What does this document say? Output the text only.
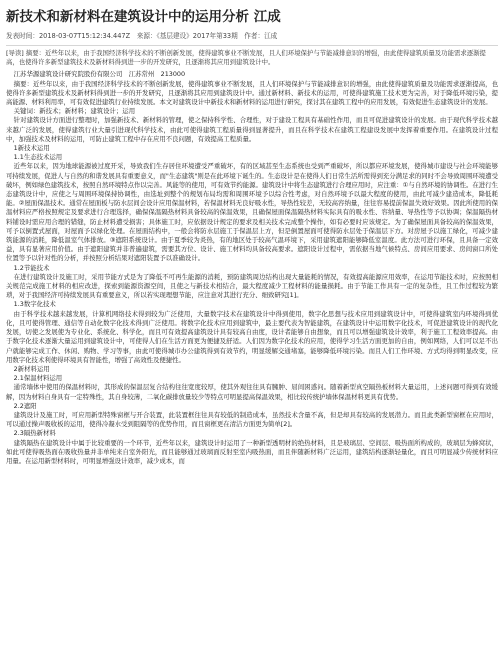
新技术和新材料在建筑设计中的运用分析 江成
发表时间：2018-03-07T15:12:34.447Z　来源：《基层建设》2017年第33期　作者：江成
[导读] 摘要：近些年以来，由于我国经济科学技术的不断创新发展，使得建筑事业不断发展，且人们环境保护与节能减排意识的增强，由此使得建筑质量及功能需求逐渐提高，也使得许多新型建筑技术及新材料得到进一步的开发研究，且逐渐将其应用到建筑设计中。
江苏华源建筑设计研究院股份有限公司　江苏常州　213000

摘要：近些年以来，由于我国经济科学技术的不断创新发展，使得建筑事业不断发展，且人们环境保护与节能减排意识的增强，由此使得建筑质量及功能需求逐渐提高，也使得许多新型建筑技术及新材料得到进一步的开发研究，且逐渐将其应用到建筑设计中。通过新材料、新技术的运用，可使得建筑施工技术更为完善，对于降低环境污染，提高能源、材料利用率，可有效促进建筑行业持续发展。本文对建筑设计中新技术和新材料的运用进行研究，探讨其在建筑工程中的应用发展，有效促进生态建筑设计的发展。

关键词：新技术；新材料；建筑设计；运用

针对建筑设计方面进行整理时，加强新技术、新材料的管理，使之保持科学性、合理性，对于建设工程具有基础性作用，而且可促进建筑设计的发展。由于现代科学技术越来越广泛的发展，使得建筑行业大量引进现代科学技术，由此可使得建筑工程质量得到显著提升，而且在科学技术在建筑工程建设发展中发挥着重要作用。在建筑设计过程中，加强技术及材料的运用，可防止建筑工程中存在应用不良问题，有效提高工程质量。

1新技术运用
1.1生态技术运用

近些年以来，因为地球能源被过度开采，导致我们生存居住环境遭受严重破坏，有的区域甚至生态系统也受到严重破坏，所以都应环境发展，使得城市建设与社会环境能够可持续发展，促进人与自然的和谐发展具有重要意义，而"生态建筑"则是在此环境下诞生的。生态设计是在使得人们日常生活所需得到充分满足求的同时不会导致周围环境遭受破坏，例如绿色建筑技术，按照自然环境特点作以完善。风能等的使用，可有效节约能源。建筑设计中将生态建筑进行合理应用时，应注重：①与自然环境的协调性。在进行生态建筑设计中，应使之与周围环境保持协调性，由选址到整个的规划布局均需和周围环境予以综合性考虑，对自然环境予以最大程度的使用，由此可减少建造成本，降低耗能。②屋面保温技术。通常在屋面板与防水层间会设计应用保温材料，若保温材料无良好吸水性，导热性较差，无较高容纳量，往往容易提前保温失效好效果。因此所使用的保温材料应严格按照规定及要求进行合理选择，确保保温隔热材料具备较高的保温效果，且确保屋面保温隔热材料实际具有的吸水性、容纳量、导热性等予以协调；保温隔热材料铺设时需应用合理的错缝，防止材料遭受损害；具体施工时，应依据设计规定的要求及相关技术完成整个操作，如有必要时应该规定。为了确保屋面具备较高的保温效果，可予以倒置式屋面，对屋面予以绿化处理。在屋面结构中，一般会将防水层施工于保温层上方，但是倒置屋面可使得防水层处于保温层下方。对房屋予以施工绿化，可减少建筑能源的消耗，降低温室气体排放。③遮阳系统设计。由于夏季较为炎热，有的地区处于较高气温环境下，采用建筑遮阳能够降低室温度。此方法可进行环保，且具备一定效益，具有显著应用价值。由于遮阳建筑并非普遍建筑，需要其方位、设计、施工材料均具备较高要求。遮阳设计过程中，需依据当地气候特点、房间应用要求、房间窗口所处位置等予以针对性的分析，并按照分析结果对遮阳装置予以准确设计。

1.2节能技术

在进行建筑设计及施工时，采用节能方式是为了降低不可再生能源的消耗，预防建筑周边结构出现大量能耗的情况，有效提高能源应用效率，在运用节能技术时，应按照相关规范完成施工材料的相应改进，探索到能源资源空间，且使之与新技术相结合，最大程度减少工程材料的能量损耗。由于节能工作具有一定的复杂性，且工作过程较为繁琐，对于我国经济可持续发展具有重要意义，所以若实现理想节能，应注意对其进行充分、细致研究[1]。

1.3数字化技术

由于科学技术越来越发展，计算机网络技术得到较为广泛使用，大量数字技术在建筑设计中得到使用，数字化思想与技术应用到建筑设计中，可使得建筑室内环境得到优化，且可使得管理、通信等自动化数字化技术得到广泛使用。将数字化技术应用到建筑中，最主要代表为智能建筑，在建筑设计中运用数字化技术，可促进建筑设计的现代化发展，切使之发展使为专业化、系统化、科学化，而且可有效提高建筑设计具有较高自由度，设计者能够自由想象，而且可以增强建筑设计效率，利于施工工程效率提高。由于数字化技术逐渐大量运用到建筑设计中，可使得人们在生活方面更为便捷及舒适。人们因为数字化技术的应用，使得学习生活方面更加的自由，例如网络，人们可以足不出户就能够完成工作、休闲、购物、学习等事，由此可使得城市办公建筑得到有效节约，明显缓解交通堵塞，能够降低环境污染。而且人们工作环境、方式均得到明显改变，应用数字化技术利使得环境具有智能性，增强了高效性及便捷性。

2新材料运用
2.1保温材料运用

通常墙体中使用的保温材料时，其形成的保温层复合结构往往宽度较厚，使其外观往往具有臃肿、屈间困惑问。随着新型真空隔热板材料大量运用，上述问题可得到有效缓解，因为材料自身具有一定特殊性，其自身较薄，二氧化碳排放量较少等特点可明显提高保温效果，相比较传统护墙体保温材料更具有优势。

2.2遮阳

建筑设计及施工时，可应用新型特殊窗框与开合装置，此装置框往往具有较低的制造成本，虽然技术含量不高，但是却具有较高的发展潜力。而且此类新型窗框在应用时，可以通过操声吸收板的运用，使得冷凝水受到阻隔等的优势作用，而且窗框更在清洁方面更为简单[2]。

2.3隔热新材料

建筑隔热在建筑设计中属于比较重要的一个环节，近些年以来，建筑设计时运用了一种新型透明材的绝热材料，且是玻璃层、空间层、吸热面所构成的，玻璃层为蜂窝状，如此可使得吸热面在吸收热量并非单纯来自室外阳光，而且能够通过玻璃面反射至室内吸热面，而且伴随新材料广泛运用，建筑结构逐渐轻量化，而且可明显减少传统材料应用量。在运用新型材料时，可明显增强设计效率，减少成本，而
